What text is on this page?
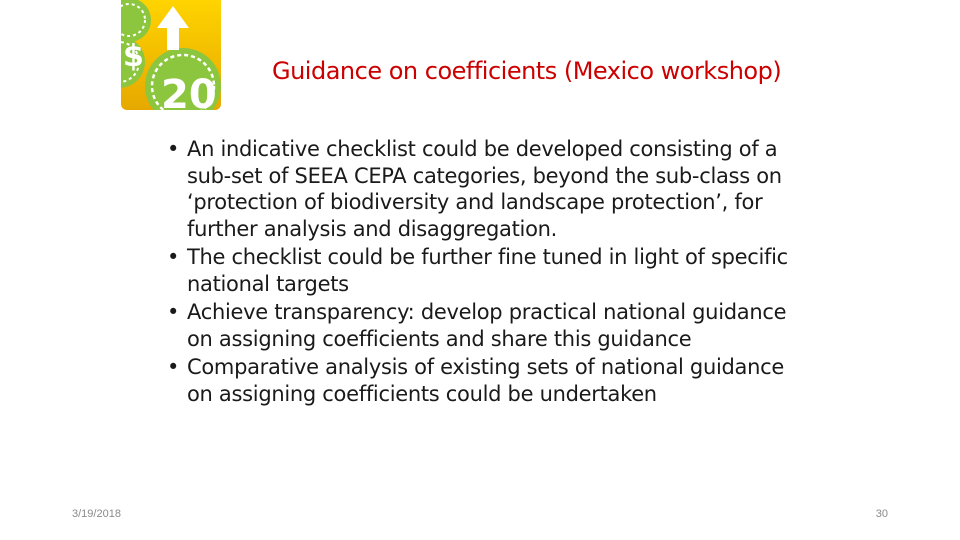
$
20
Guidance on coefficients (Mexico workshop)
• An indicative checklist could be developed consisting of a sub-set of SEEA CEPA categories, beyond the sub-class on ‘protection of biodiversity and landscape protection’, for further analysis and disaggregation.
• The checklist could be further fine tuned in light of specific national targets
• Achieve transparency: develop practical national guidance on assigning coefficients and share this guidance
• Comparative analysis of existing sets of national guidance on assigning coefficients could be undertaken
3/19/2018	30
